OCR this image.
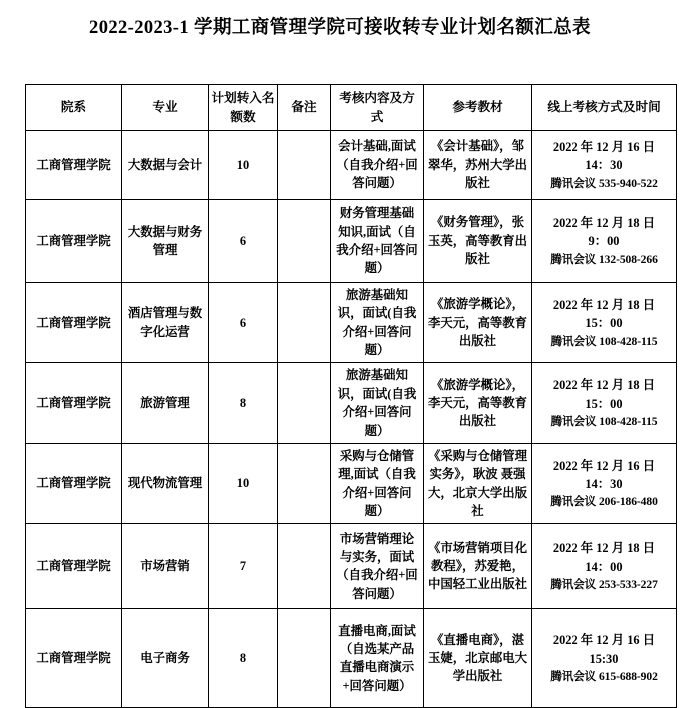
2022-2023-1 学期工商管理学院可接收转专业计划名额汇总表
院系	专业	计划转入名额数	备注	考核内容及方式	参考教材	线上考核方式及时间
工商管理学院	大数据与会计	10		会计基础,面试（自我介绍+回答问题）	《会计基础》，邹翠华，苏州大学出版社	2022 年 12 月 16 日
14：30
腾讯会议 535-940-522

工商管理学院	大数据与财务管理	6		财务管理基础知识,面试（自我介绍+回答问题）	《财务管理》，张玉英，高等教育出版社	2022 年 12 月 18 日
9：00
腾讯会议 132-508-266

工商管理学院	酒店管理与数字化运营	6		旅游基础知识，面试(自我介绍+回答问题）	《旅游学概论》，李天元，高等教育出版社	2022 年 12 月 18 日
15：00
腾讯会议 108-428-115

工商管理学院	旅游管理	8		旅游基础知识，面试(自我介绍+回答问题）	《旅游学概论》，李天元，高等教育出版社	2022 年 12 月 18 日
15：00
腾讯会议 108-428-115

工商管理学院	现代物流管理	10		采购与仓储管理,面试（自我介绍+回答问题）	《采购与仓储管理实务》，耿波 聂强大，北京大学出版社	2022 年 12 月 16 日
14：30
腾讯会议 206-186-480

工商管理学院	市场营销	7		市场营销理论与实务，面试（自我介绍+回答问题）	《市场营销项目化教程》，苏爱艳，中国轻工业出版社	2022 年 12 月 18 日
14：00
腾讯会议 253-533-227

工商管理学院	电子商务	8		直播电商,面试（自选某产品直播电商演示+回答问题）	《直播电商》，湛玉婕，北京邮电大学出版社	2022 年 12 月 16 日
15:30
腾讯会议 615-688-902
